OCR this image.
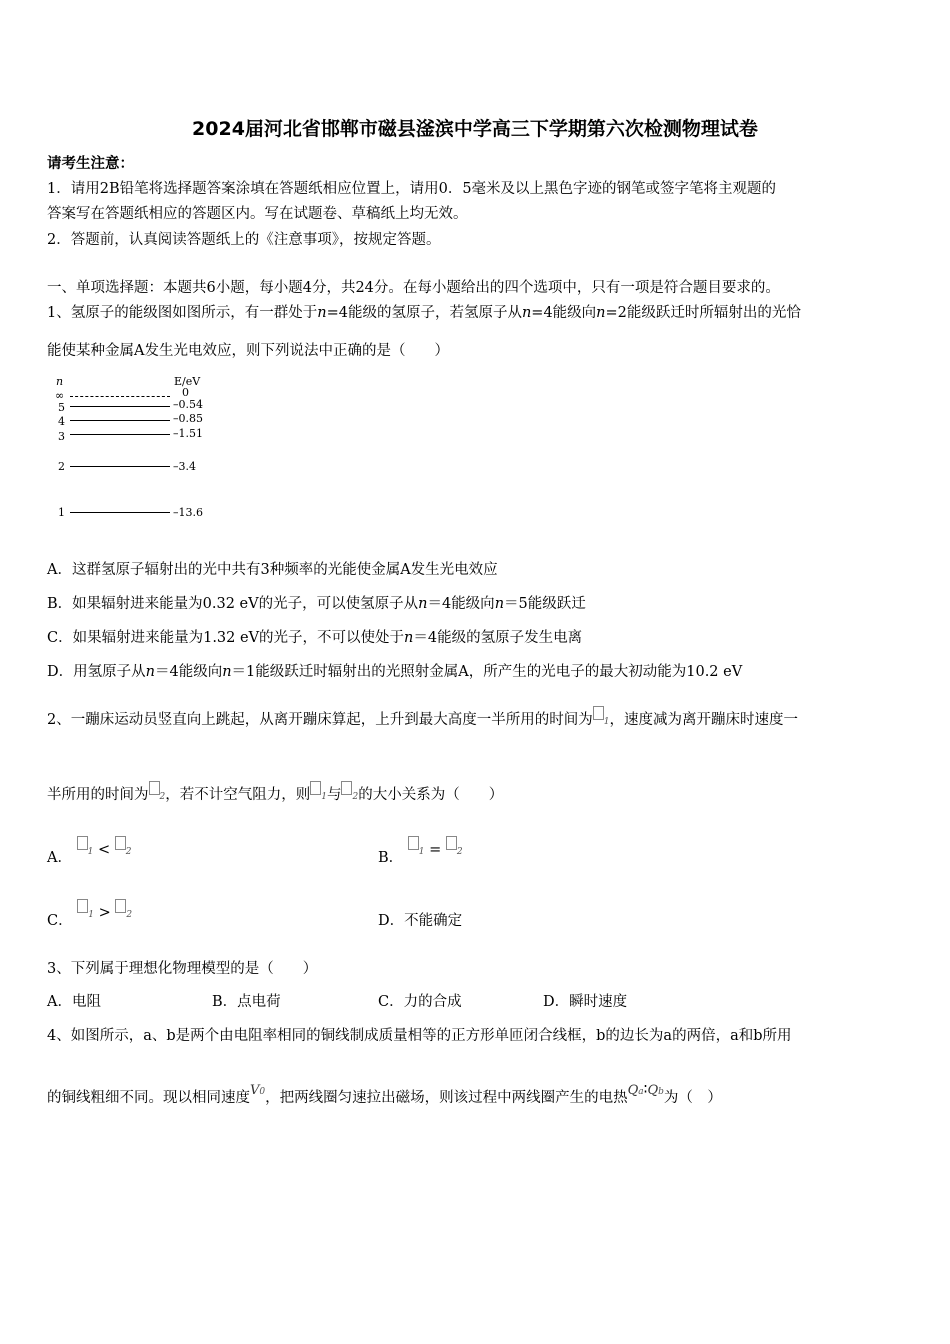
2024届河北省邯郸市磁县滏滨中学高三下学期第六次检测物理试卷
请考生注意：
1．请用2B铅笔将选择题答案涂填在答题纸相应位置上，请用0．5毫米及以上黑色字迹的钢笔或签字笔将主观题的
答案写在答题纸相应的答题区内。写在试题卷、草稿纸上均无效。
2．答题前，认真阅读答题纸上的《注意事项》，按规定答题。
一、单项选择题：本题共6小题，每小题4分，共24分。在每小题给出的四个选项中，只有一项是符合题目要求的。
1、氢原子的能级图如图所示，有一群处于n=4能级的氢原子，若氢原子从n=4能级向n=2能级跃迁时所辐射出的光恰
能使某种金属A发生光电效应，则下列说法中正确的是（　　）
n	E/eV
∞	0
5	–0.54
4	–0.85
3	–1.51
2	–3.4
1	–13.6
A．这群氢原子辐射出的光中共有3种频率的光能使金属A发生光电效应
B．如果辐射进来能量为0.32 eV的光子，可以使氢原子从n＝4能级向n＝5能级跃迁
C．如果辐射进来能量为1.32 eV的光子，不可以使处于n＝4能级的氢原子发生电离
D．用氢原子从n＝4能级向n＝1能级跃迁时辐射出的光照射金属A，所产生的光电子的最大初动能为10.2 eV
2、一蹦床运动员竖直向上跳起，从离开蹦床算起，上升到最大高度一半所用的时间为 1，速度减为离开蹦床时速度一
半所用的时间为 2，若不计空气阻力，则 1与 2的大小关系为（　　）
A． 1 < 2	B． 1 = 2
C． 1 > 2	D．不能确定
3、下列属于理想化物理模型的是（　　）
A．电阻	B．点电荷	C．力的合成	D．瞬时速度
4、如图所示，a、b是两个由电阻率相同的铜线制成质量相等的正方形单匝闭合线框，b的边长为a的两倍，a和b所用
的铜线粗细不同。现以相同速度V0，把两线圈匀速拉出磁场，则该过程中两线圈产生的电热Qa∶Qb为（　）
